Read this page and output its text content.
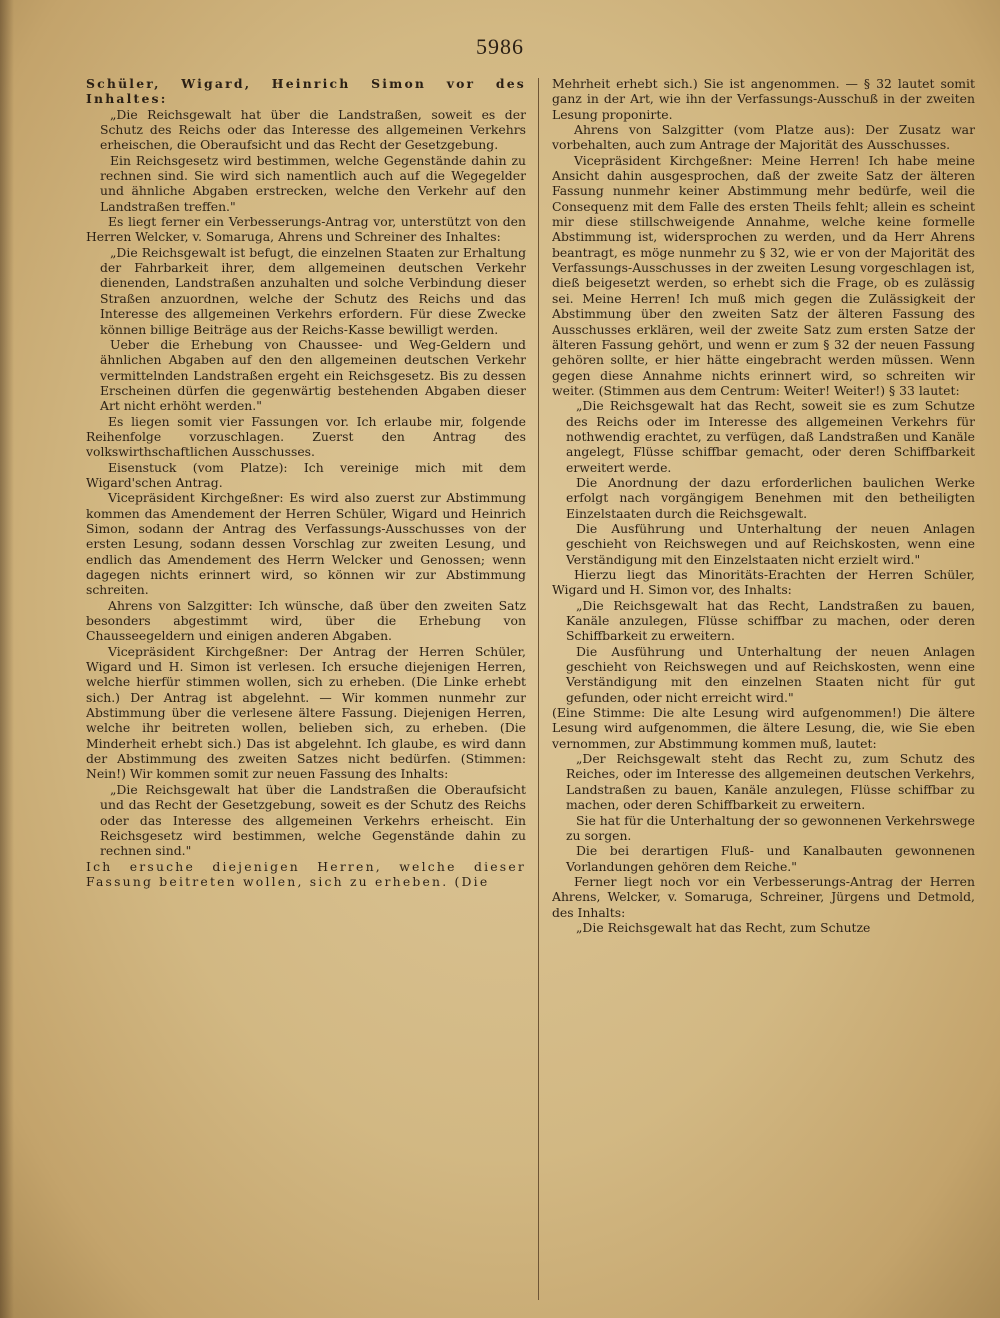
5986

Schüler, Wigard, Heinrich Simon vor des Inhaltes:

„Die Reichsgewalt hat über die Landstraßen, soweit es der Schutz des Reichs oder das Interesse des allgemeinen Verkehrs erheischen, die Oberaufsicht und das Recht der Gesetzgebung.

Ein Reichsgesetz wird bestimmen, welche Gegenstände dahin zu rechnen sind. Sie wird sich namentlich auch auf die Wegegelder und ähnliche Abgaben erstrecken, welche den Verkehr auf den Landstraßen treffen."

Es liegt ferner ein Verbesserungs-Antrag vor, unterstützt von den Herren Welcker, v. Somaruga, Ahrens und Schreiner des Inhaltes:

„Die Reichsgewalt ist befugt, die einzelnen Staaten zur Erhaltung der Fahrbarkeit ihrer, dem allgemeinen deutschen Verkehr dienenden, Landstraßen anzuhalten und solche Verbindung dieser Straßen anzuordnen, welche der Schutz des Reichs und das Interesse des allgemeinen Verkehrs erfordern. Für diese Zwecke können billige Beiträge aus der Reichs-Kasse bewilligt werden.

Ueber die Erhebung von Chaussee- und Weg-Geldern und ähnlichen Abgaben auf den den allgemeinen deutschen Verkehr vermittelnden Landstraßen ergeht ein Reichsgesetz. Bis zu dessen Erscheinen dürfen die gegenwärtig bestehenden Abgaben dieser Art nicht erhöht werden."

Es liegen somit vier Fassungen vor. Ich erlaube mir, folgende Reihenfolge vorzuschlagen. Zuerst den Antrag des volkswirthschaftlichen Ausschusses.

Eisenstuck (vom Platze): Ich vereinige mich mit dem Wigard'schen Antrag.

Vicepräsident Kirchgeßner: Es wird also zuerst zur Abstimmung kommen das Amendement der Herren Schüler, Wigard und Heinrich Simon, sodann der Antrag des Verfassungs-Ausschusses von der ersten Lesung, sodann dessen Vorschlag zur zweiten Lesung, und endlich das Amendement des Herrn Welcker und Genossen; wenn dagegen nichts erinnert wird, so können wir zur Abstimmung schreiten.

Ahrens von Salzgitter: Ich wünsche, daß über den zweiten Satz besonders abgestimmt wird, über die Erhebung von Chausseegeldern und einigen anderen Abgaben.

Vicepräsident Kirchgeßner: Der Antrag der Herren Schüler, Wigard und H. Simon ist verlesen. Ich ersuche diejenigen Herren, welche hierfür stimmen wollen, sich zu erheben. (Die Linke erhebt sich.) Der Antrag ist abgelehnt. — Wir kommen nunmehr zur Abstimmung über die verlesene ältere Fassung. Diejenigen Herren, welche ihr beitreten wollen, belieben sich, zu erheben. (Die Minderheit erhebt sich.) Das ist abgelehnt. Ich glaube, es wird dann der Abstimmung des zweiten Satzes nicht bedürfen. (Stimmen: Nein!) Wir kommen somit zur neuen Fassung des Inhalts:

„Die Reichsgewalt hat über die Landstraßen die Oberaufsicht und das Recht der Gesetzgebung, soweit es der Schutz des Reichs oder das Interesse des allgemeinen Verkehrs erheischt. Ein Reichsgesetz wird bestimmen, welche Gegenstände dahin zu rechnen sind."

Ich ersuche diejenigen Herren, welche dieser Fassung beitreten wollen, sich zu erheben. (Die

Mehrheit erhebt sich.) Sie ist angenommen. — § 32 lautet somit ganz in der Art, wie ihn der Verfassungs-Ausschuß in der zweiten Lesung proponirte.

Ahrens von Salzgitter (vom Platze aus): Der Zusatz war vorbehalten, auch zum Antrage der Majorität des Ausschusses.

Vicepräsident Kirchgeßner: Meine Herren! Ich habe meine Ansicht dahin ausgesprochen, daß der zweite Satz der älteren Fassung nunmehr keiner Abstimmung mehr bedürfe, weil die Consequenz mit dem Falle des ersten Theils fehlt; allein es scheint mir diese stillschweigende Annahme, welche keine formelle Abstimmung ist, widersprochen zu werden, und da Herr Ahrens beantragt, es möge nunmehr zu § 32, wie er von der Majorität des Verfassungs-Ausschusses in der zweiten Lesung vorgeschlagen ist, dieß beigesetzt werden, so erhebt sich die Frage, ob es zulässig sei. Meine Herren! Ich muß mich gegen die Zulässigkeit der Abstimmung über den zweiten Satz der älteren Fassung des Ausschusses erklären, weil der zweite Satz zum ersten Satze der älteren Fassung gehört, und wenn er zum § 32 der neuen Fassung gehören sollte, er hier hätte eingebracht werden müssen. Wenn gegen diese Annahme nichts erinnert wird, so schreiten wir weiter. (Stimmen aus dem Centrum: Weiter! Weiter!) § 33 lautet:

„Die Reichsgewalt hat das Recht, soweit sie es zum Schutze des Reichs oder im Interesse des allgemeinen Verkehrs für nothwendig erachtet, zu verfügen, daß Landstraßen und Kanäle angelegt, Flüsse schiffbar gemacht, oder deren Schiffbarkeit erweitert werde.

Die Anordnung der dazu erforderlichen baulichen Werke erfolgt nach vorgängigem Benehmen mit den betheiligten Einzelstaaten durch die Reichsgewalt.

Die Ausführung und Unterhaltung der neuen Anlagen geschieht von Reichswegen und auf Reichskosten, wenn eine Verständigung mit den Einzelstaaten nicht erzielt wird."

Hierzu liegt das Minoritäts-Erachten der Herren Schüler, Wigard und H. Simon vor, des Inhalts:

„Die Reichsgewalt hat das Recht, Landstraßen zu bauen, Kanäle anzulegen, Flüsse schiffbar zu machen, oder deren Schiffbarkeit zu erweitern.

Die Ausführung und Unterhaltung der neuen Anlagen geschieht von Reichswegen und auf Reichskosten, wenn eine Verständigung mit den einzelnen Staaten nicht für gut gefunden, oder nicht erreicht wird."

(Eine Stimme: Die alte Lesung wird aufgenommen!) Die ältere Lesung wird aufgenommen, die ältere Lesung, die, wie Sie eben vernommen, zur Abstimmung kommen muß, lautet:

„Der Reichsgewalt steht das Recht zu, zum Schutz des Reiches, oder im Interesse des allgemeinen deutschen Verkehrs, Landstraßen zu bauen, Kanäle anzulegen, Flüsse schiffbar zu machen, oder deren Schiffbarkeit zu erweitern.

Sie hat für die Unterhaltung der so gewonnenen Verkehrswege zu sorgen.

Die bei derartigen Fluß- und Kanalbauten gewonnenen Vorlandungen gehören dem Reiche."

Ferner liegt noch vor ein Verbesserungs-Antrag der Herren Ahrens, Welcker, v. Somaruga, Schreiner, Jürgens und Detmold, des Inhalts:

„Die Reichsgewalt hat das Recht, zum Schutze
